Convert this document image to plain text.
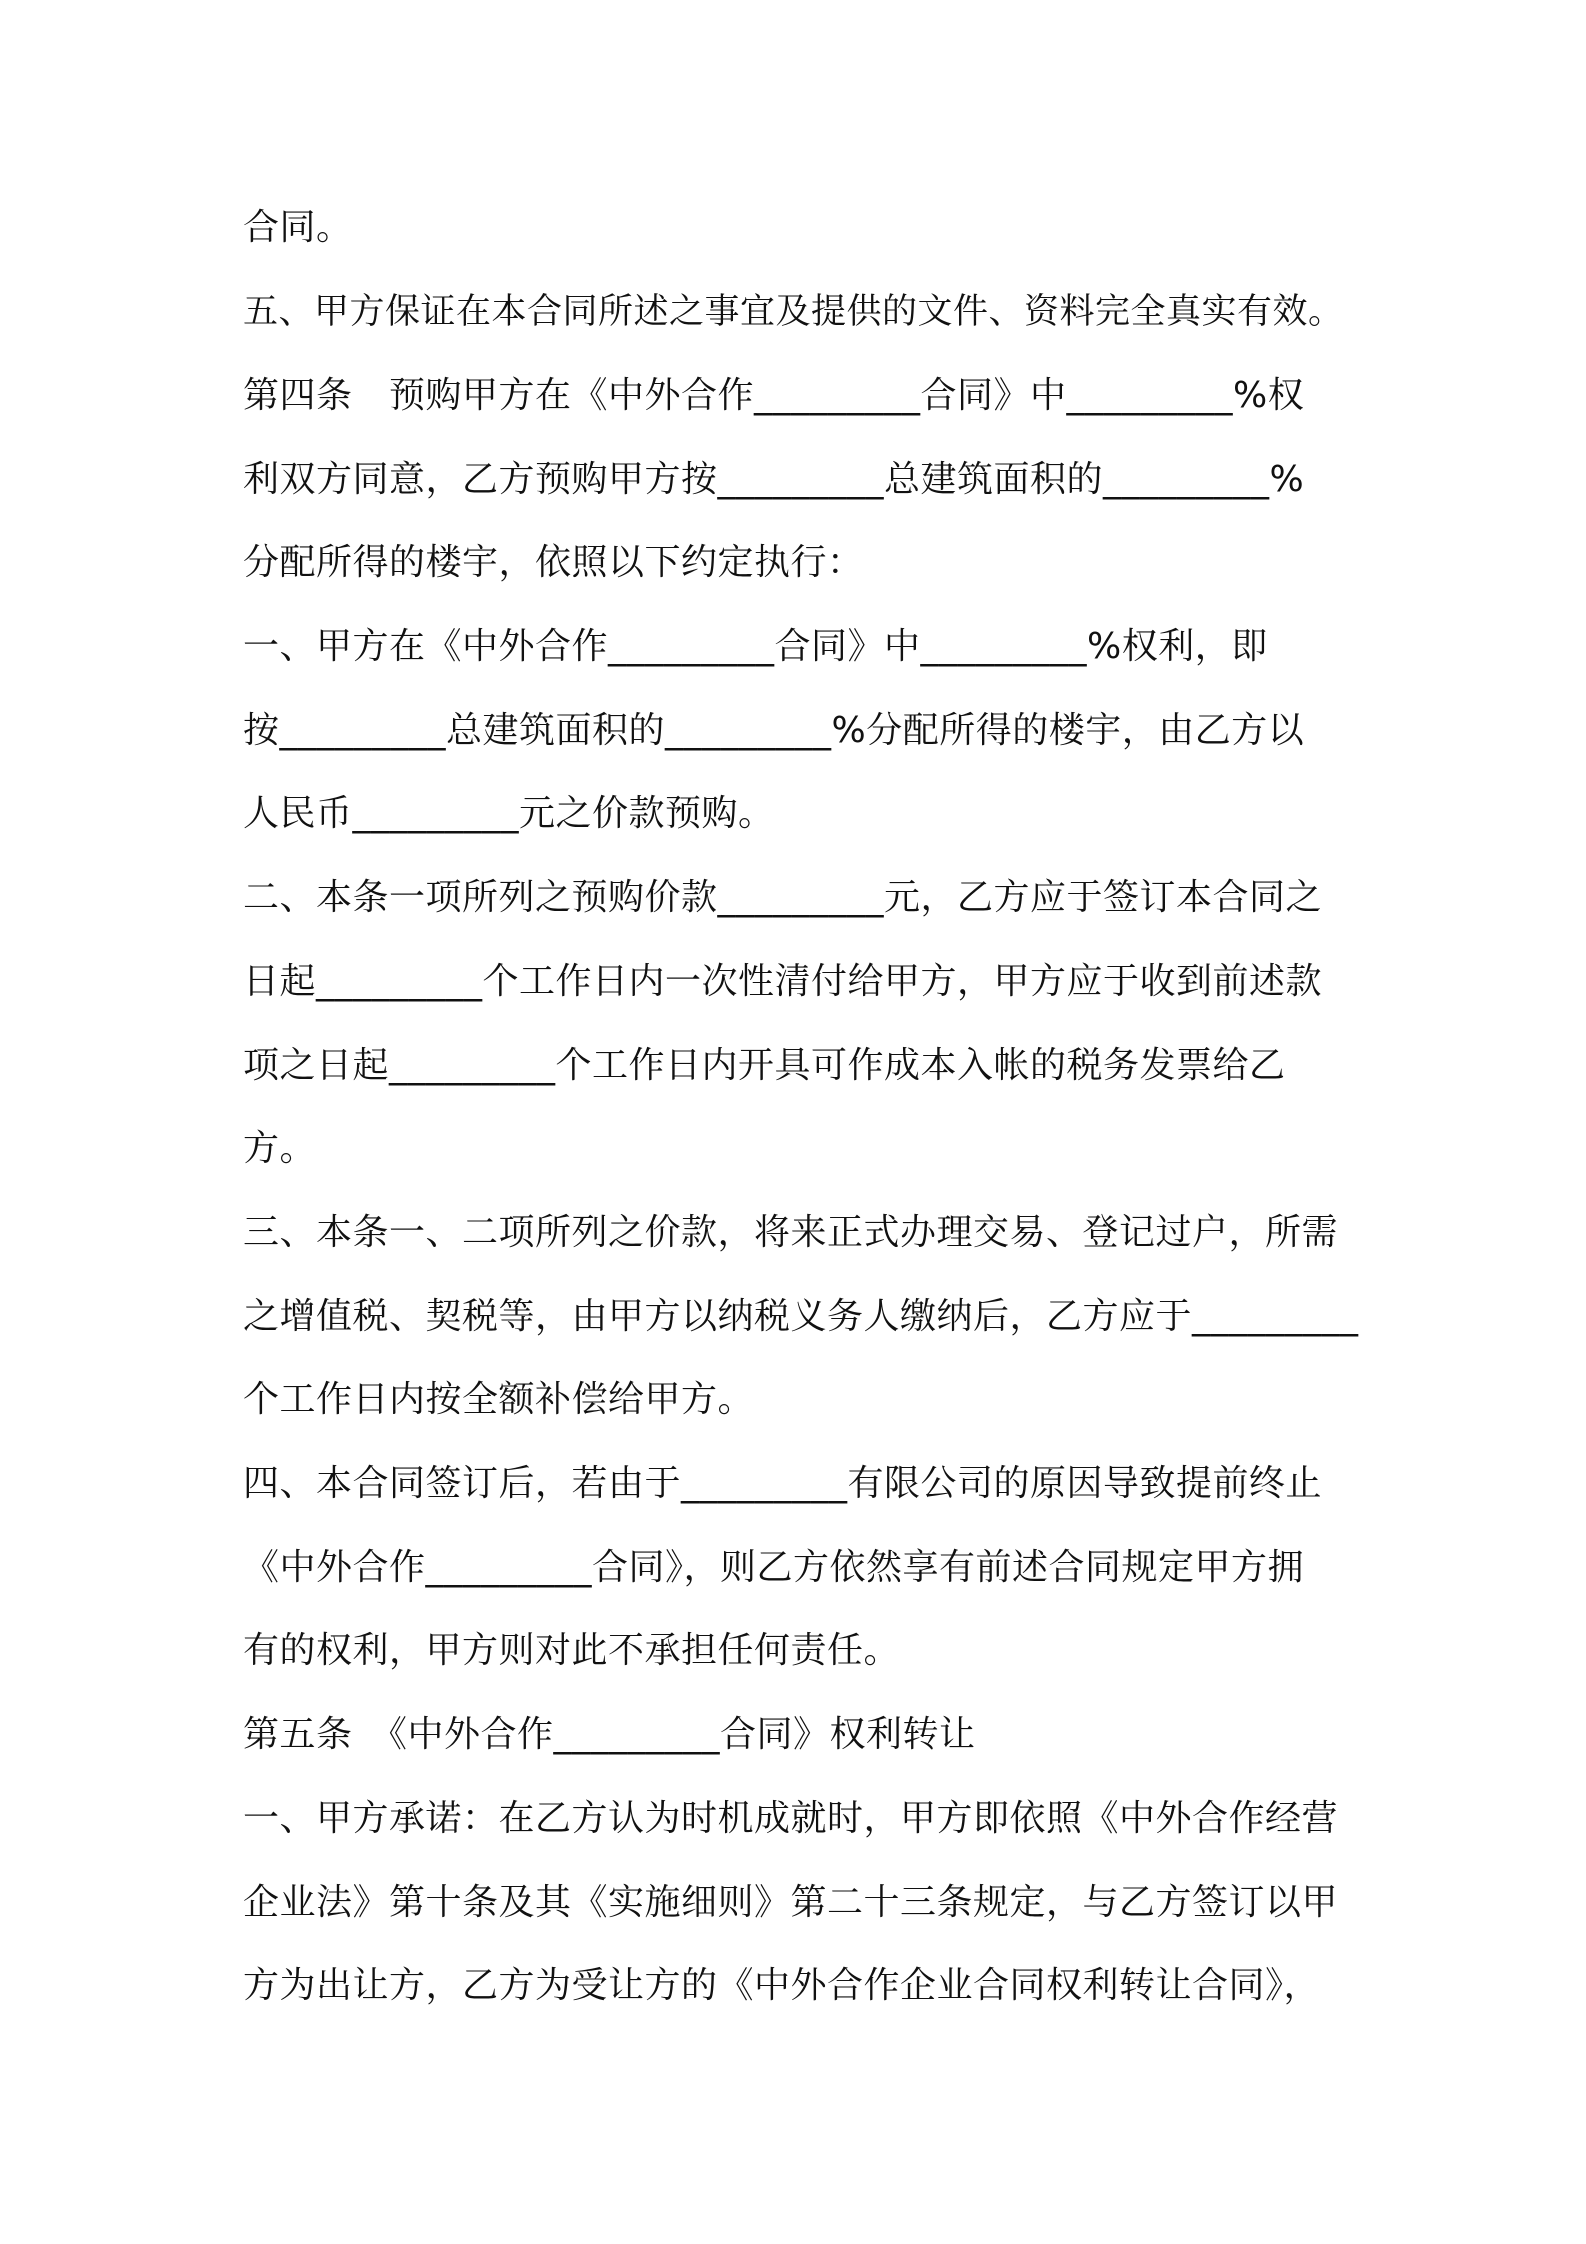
合同。
五、甲方保证在本合同所述之事宜及提供的文件、资料完全真实有效。
第四条　预购甲方在《中外合作_________合同》中_________%权
利双方同意，乙方预购甲方按_________总建筑面积的_________%
分配所得的楼宇，依照以下约定执行：
一、甲方在《中外合作_________合同》中_________%权利，即
按_________总建筑面积的_________%分配所得的楼宇，由乙方以
人民币_________元之价款预购。
二、本条一项所列之预购价款_________元，乙方应于签订本合同之
日起_________个工作日内一次性清付给甲方，甲方应于收到前述款
项之日起_________个工作日内开具可作成本入帐的税务发票给乙
方。
三、本条一、二项所列之价款，将来正式办理交易、登记过户，所需
之增值税、契税等，由甲方以纳税义务人缴纳后，乙方应于_________
个工作日内按全额补偿给甲方。
四、本合同签订后，若由于_________有限公司的原因导致提前终止
《中外合作_________合同》，则乙方依然享有前述合同规定甲方拥
有的权利，甲方则对此不承担任何责任。
第五条　《中外合作_________合同》权利转让
一、甲方承诺：在乙方认为时机成就时，甲方即依照《中外合作经营
企业法》第十条及其《实施细则》第二十三条规定，与乙方签订以甲
方为出让方，乙方为受让方的《中外合作企业合同权利转让合同》，
